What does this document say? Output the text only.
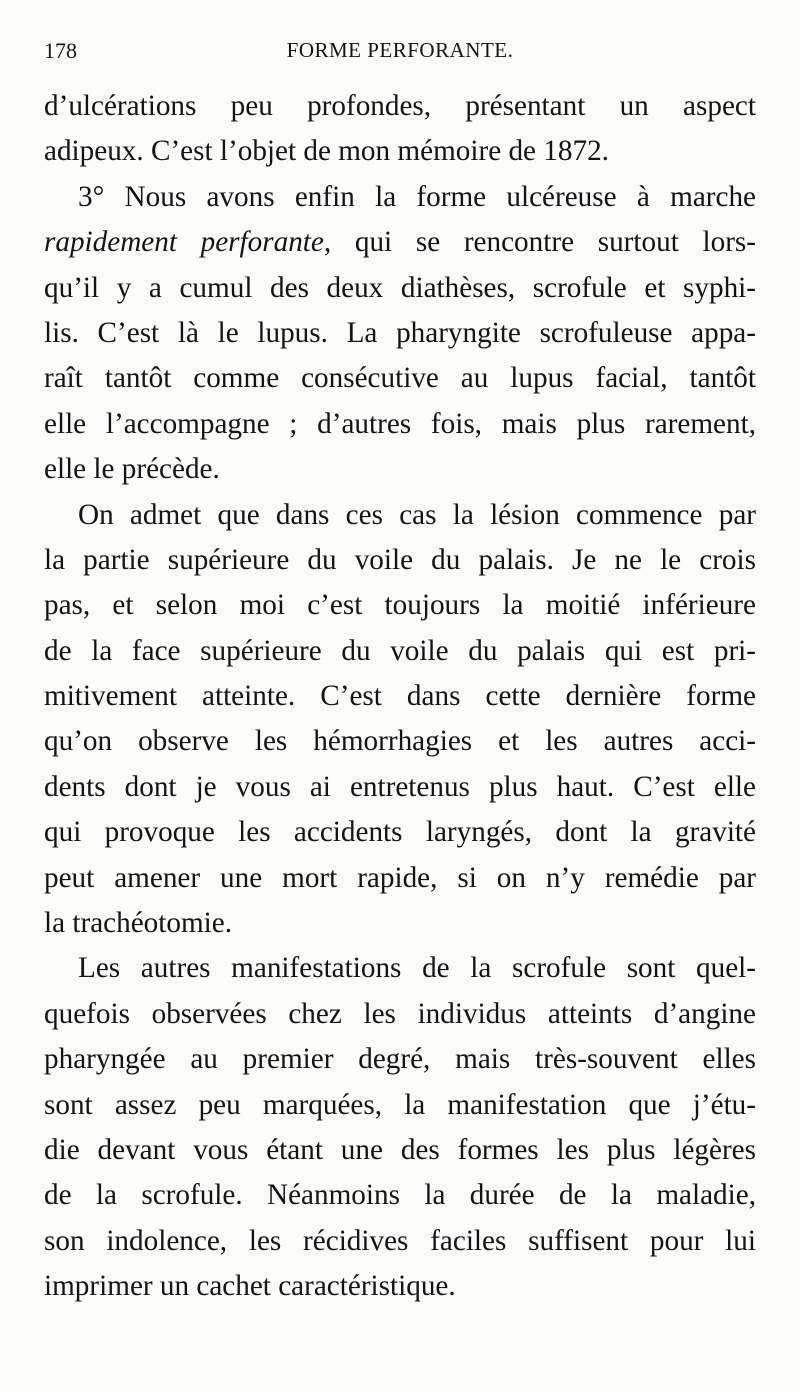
178	FORME PERFORANTE.
d’ulcérations peu profondes, présentant un aspect
adipeux. C’est l’objet de mon mémoire de 1872.
3° Nous avons enfin la forme ulcéreuse à marche
rapidement perforante, qui se rencontre surtout lors-
qu’il y a cumul des deux diathèses, scrofule et syphi-
lis. C’est là le lupus. La pharyngite scrofuleuse appa-
raît tantôt comme consécutive au lupus facial, tantôt
elle l’accompagne ; d’autres fois, mais plus rarement,
elle le précède.
On admet que dans ces cas la lésion commence par
la partie supérieure du voile du palais. Je ne le crois
pas, et selon moi c’est toujours la moitié inférieure
de la face supérieure du voile du palais qui est pri-
mitivement atteinte. C’est dans cette dernière forme
qu’on observe les hémorrhagies et les autres acci-
dents dont je vous ai entretenus plus haut. C’est elle
qui provoque les accidents laryngés, dont la gravité
peut amener une mort rapide, si on n’y remédie par
la trachéotomie.
Les autres manifestations de la scrofule sont quel-
quefois observées chez les individus atteints d’angine
pharyngée au premier degré, mais très-souvent elles
sont assez peu marquées, la manifestation que j’étu-
die devant vous étant une des formes les plus légères
de la scrofule. Néanmoins la durée de la maladie,
son indolence, les récidives faciles suffisent pour lui
imprimer un cachet caractéristique.
